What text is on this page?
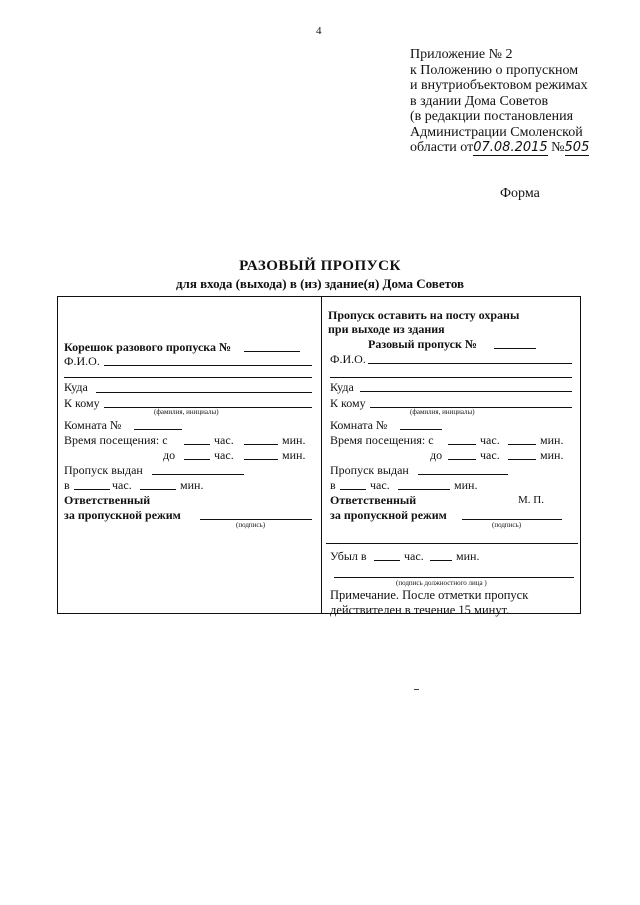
4
Приложение № 2
к Положению о пропускном
и внутриобъектовом режимах
в здании Дома Советов
(в редакции постановления
Администрации Смоленской
области от07.08.2015 №505
Форма
РАЗОВЫЙ ПРОПУСК
для входа (выхода) в (из) здание(я) Дома Советов
Корешок разового пропуска №
Ф.И.О.
Куда
К кому
(фамилия, инициалы)
Комната №
Время посещения: с	час.	мин.
до	час.	мин.
Пропуск выдан
в	час.	мин.
Ответственный
за пропускной режим
(подпись)
Пропуск оставить на посту охраны
при выходе из здания
Разовый пропуск №
Ф.И.О.
Куда
К кому
(фамилия, инициалы)
Комната №
Время посещения: с	час.	мин.
до	час.	мин.
Пропуск выдан
в	час.	мин.
Ответственный	М. П.
за пропускной режим
(подпись)
Убыл в	час.	мин.
(подпись должностного лица )
Примечание. После отметки пропуск
действителен в течение 15 минут.
